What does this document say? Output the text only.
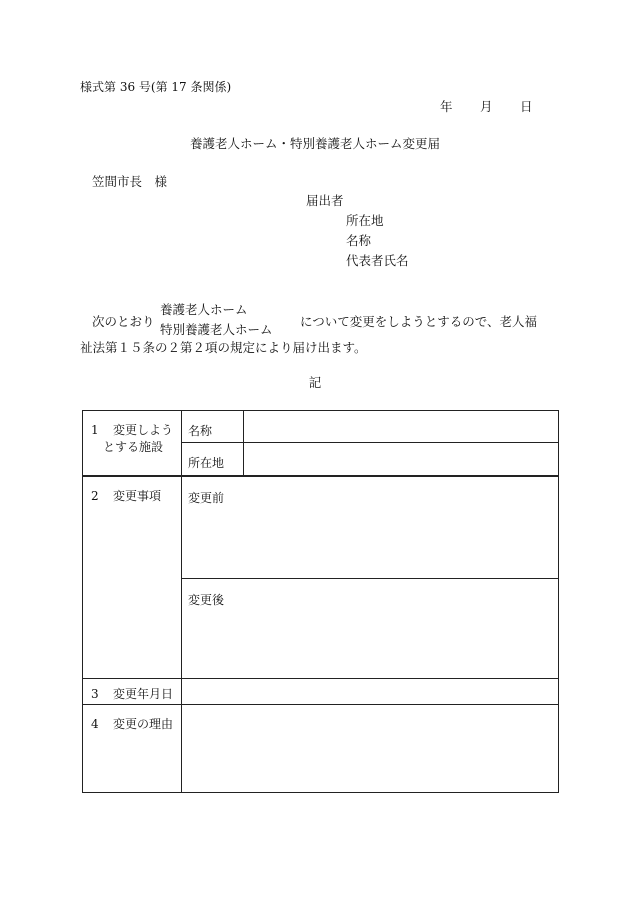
様式第 36 号(第 17 条関係)
年 月 日
養護老人ホーム・特別養護老人ホーム変更届
笠間市長　様
届出者
所在地
名称
代表者氏名
次のとおり
養護老人ホーム
特別養護老人ホーム
について変更をしようとするので、老人福
祉法第１５条の２第２項の規定により届け出ます。
記
1 変更しよう
とする施設	名称	
	所在地	
2 変更事項	変更前	
	変更後	
3 変更年月日		
4 変更の理由		
